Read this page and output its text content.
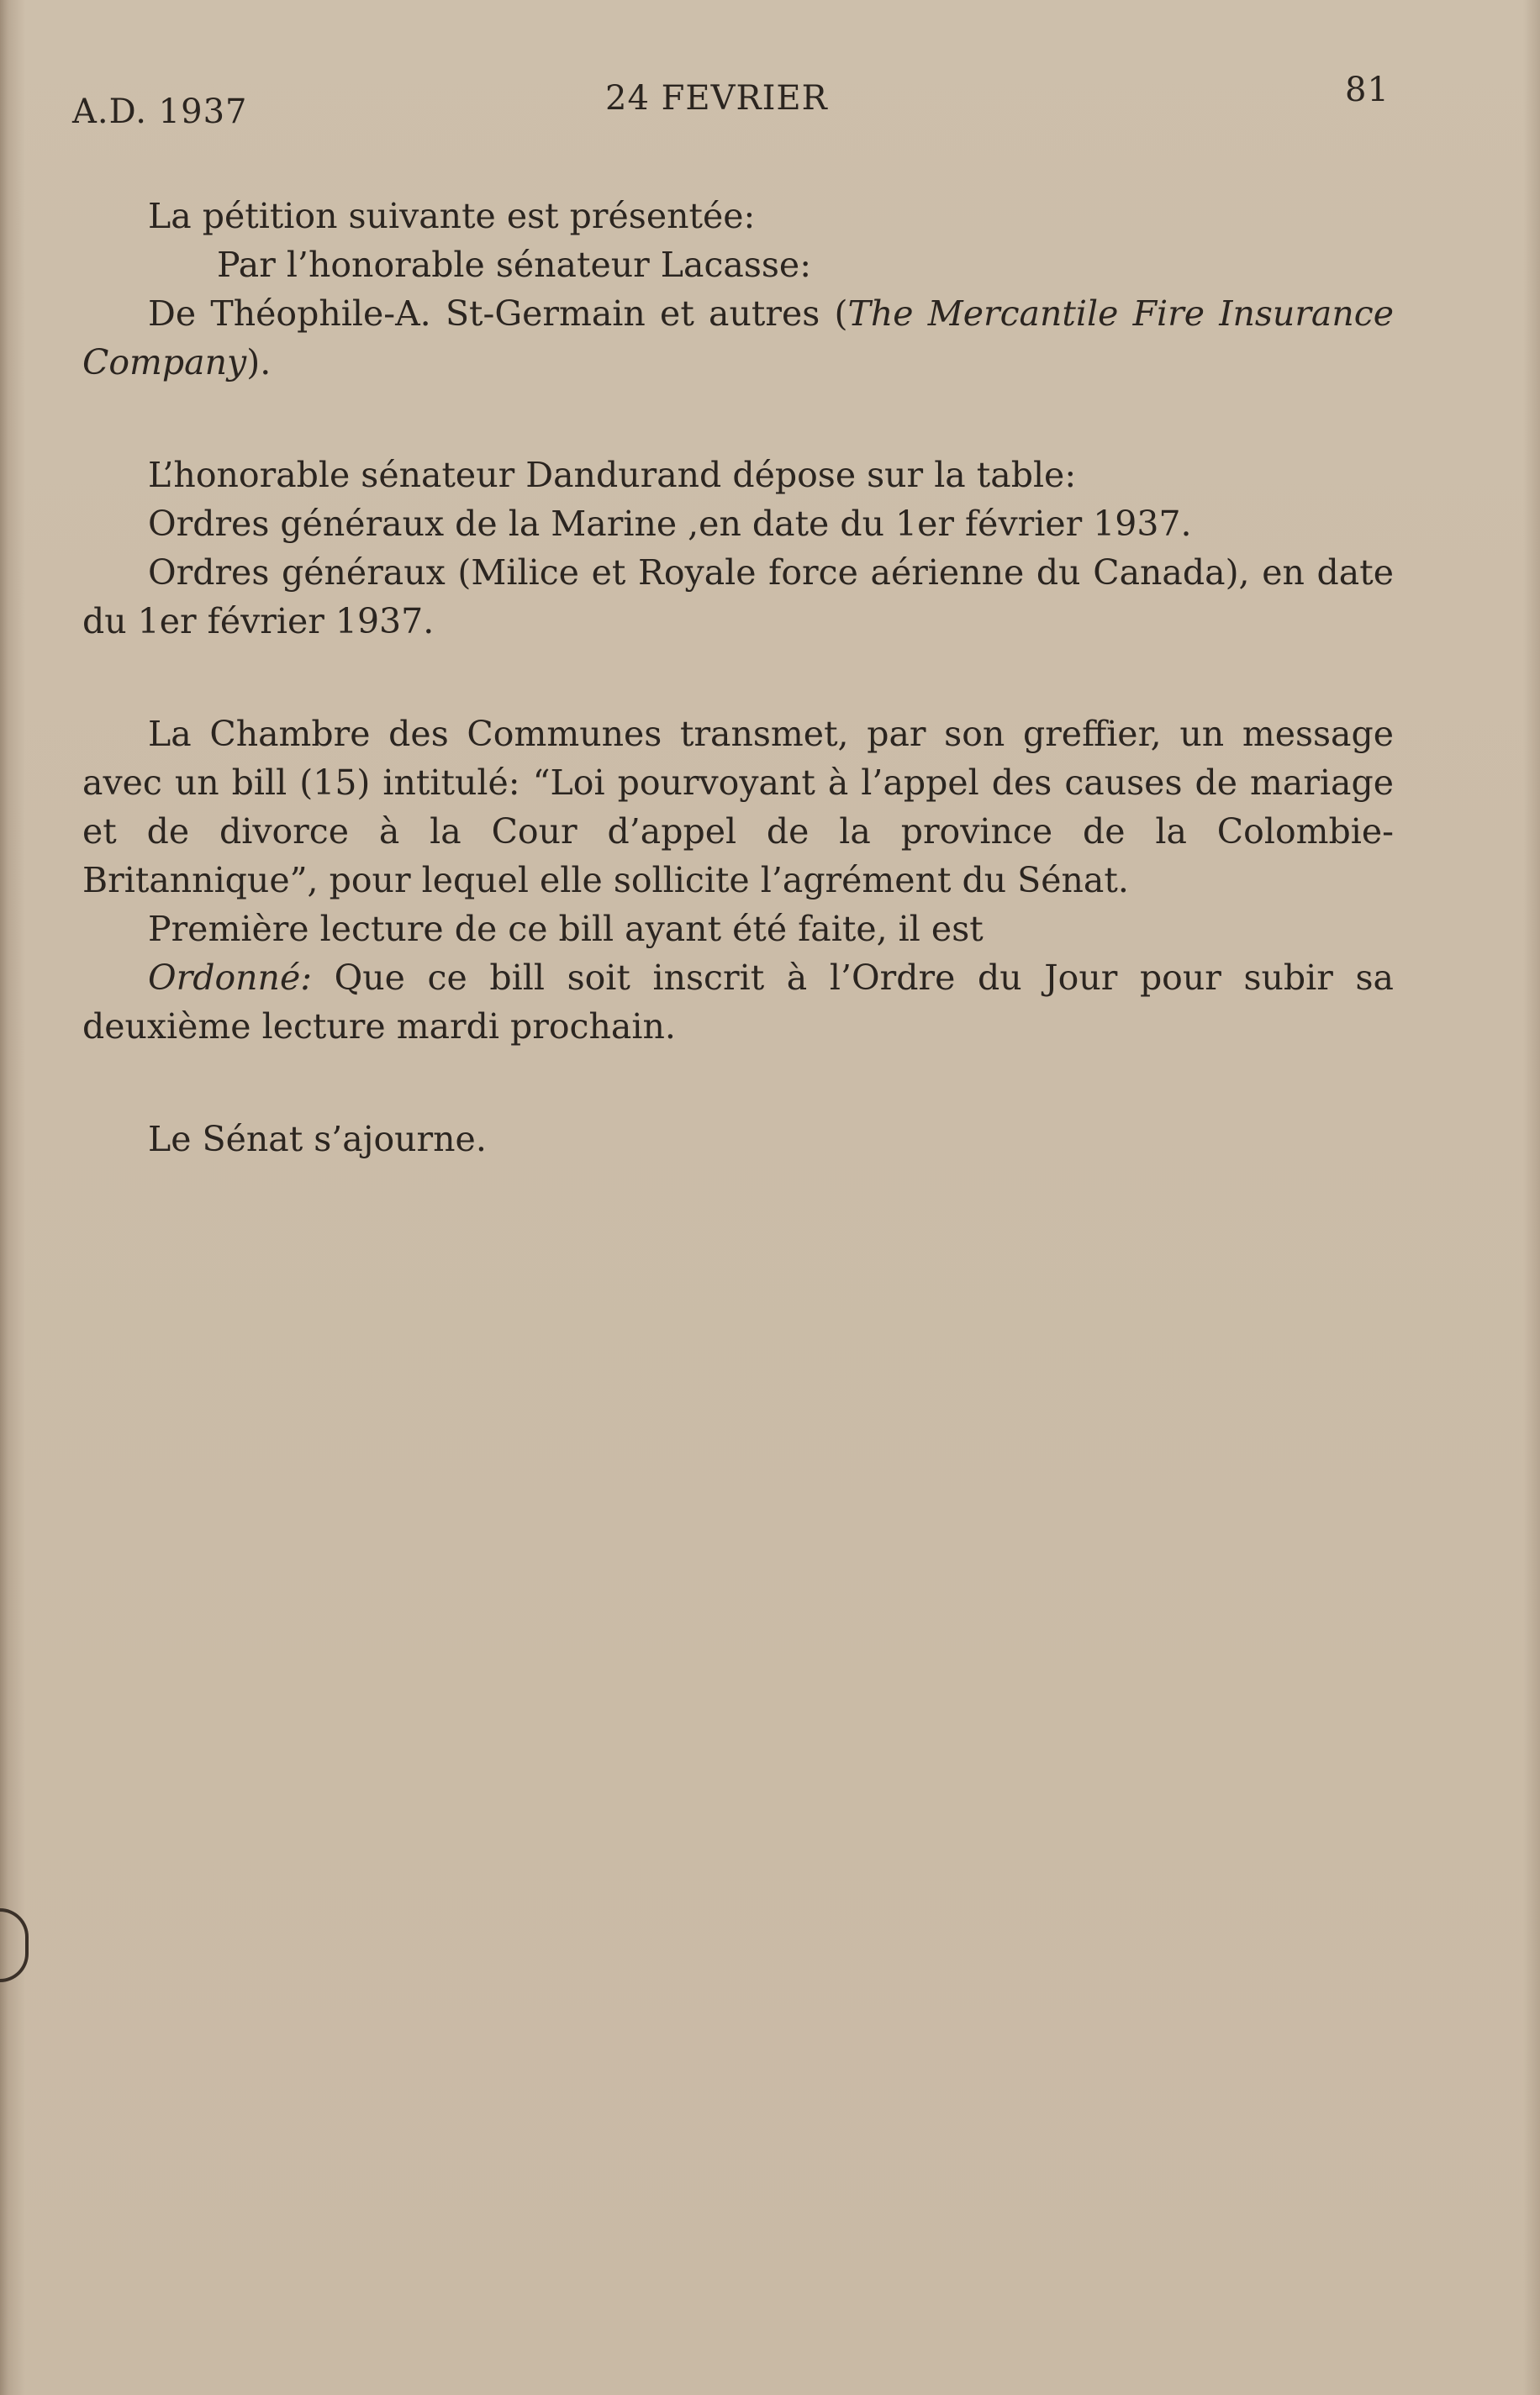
A.D. 1937	24 FEVRIER	81

La pétition suivante est présentée:

Par l’honorable sénateur Lacasse:

De Théophile-A. St-Germain et autres (The Mercantile Fire Insurance Company).

L’honorable sénateur Dandurand dépose sur la table:

Ordres généraux de la Marine ,en date du 1er février 1937.

Ordres généraux (Milice et Royale force aérienne du Canada), en date du 1er février 1937.

La Chambre des Communes transmet, par son greffier, un message avec un bill (15) intitulé: “Loi pourvoyant à l’appel des causes de mariage et de divorce à la Cour d’appel de la province de la Colombie-Britannique”, pour lequel elle sollicite l’agrément du Sénat.

Première lecture de ce bill ayant été faite, il est

Ordonné: Que ce bill soit inscrit à l’Ordre du Jour pour subir sa deuxième lecture mardi prochain.

Le Sénat s’ajourne.
